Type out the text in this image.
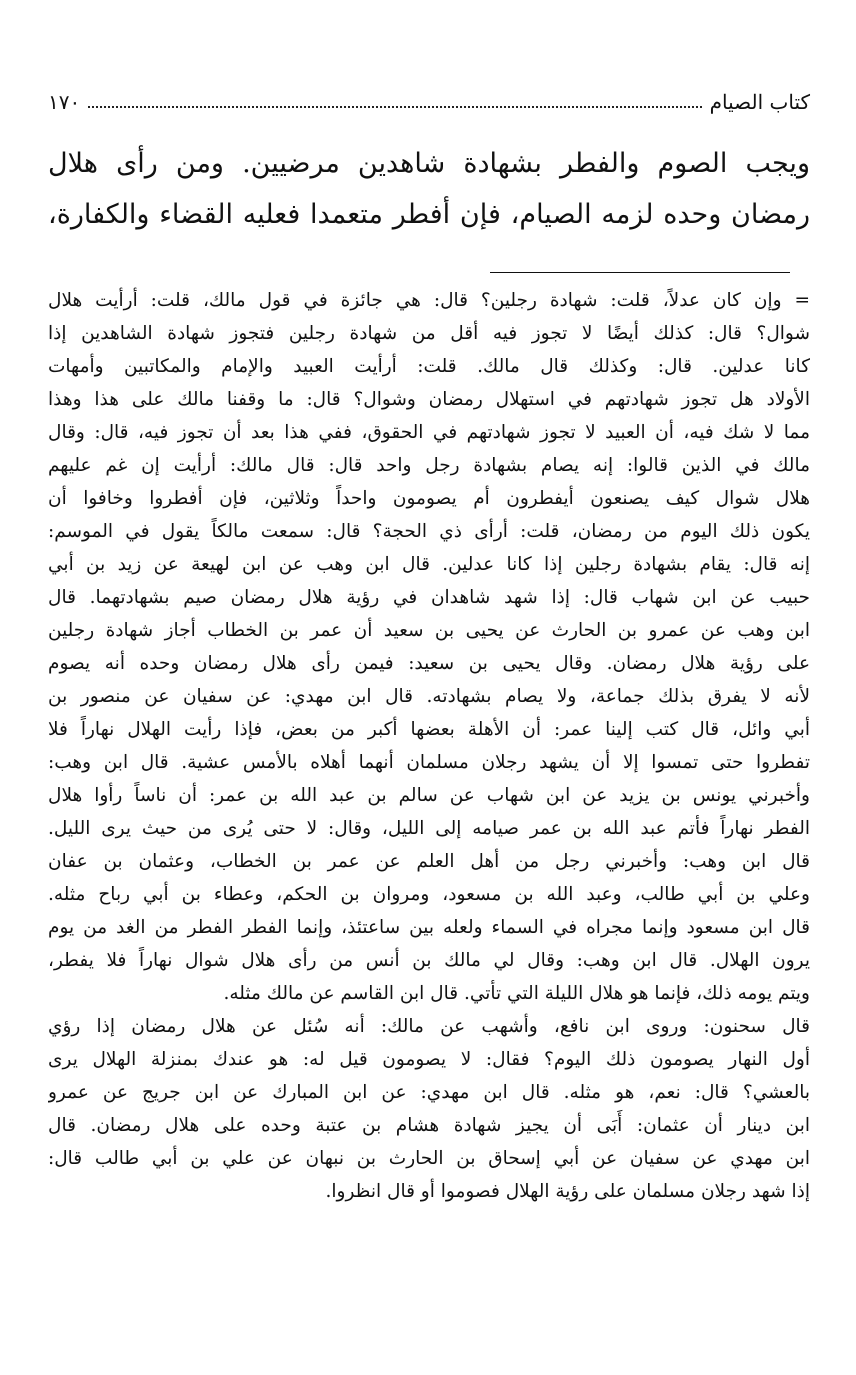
كتاب الصيام
١٧٠

ويجب الصوم والفطر بشهادة شاهدين مرضيين. ومن رأى هلال

رمضان وحده لزمه الصيام، فإن أفطر متعمدا فعليه القضاء والكفارة،

= وإن كان عدلاً، قلت: شهادة رجلين؟ قال: هي جائزة في قول مالك، قلت: أرأيت هلال

شوال؟ قال: كذلك أيضًا لا تجوز فيه أقل من شهادة رجلين فتجوز شهادة الشاهدين إذا

كانا عدلين. قال: وكذلك قال مالك. قلت: أرأيت العبيد والإمام والمكاتبين وأمهات

الأولاد هل تجوز شهادتهم في استهلال رمضان وشوال؟ قال: ما وقفنا مالك على هذا وهذا

مما لا شك فيه، أن العبيد لا تجوز شهادتهم في الحقوق، ففي هذا بعد أن تجوز فيه، قال: وقال

مالك في الذين قالوا: إنه يصام بشهادة رجل واحد قال: قال مالك: أرأيت إن غم عليهم

هلال شوال كيف يصنعون أيفطرون أم يصومون واحداً وثلاثين، فإن أفطروا وخافوا أن

يكون ذلك اليوم من رمضان، قلت: أرأى ذي الحجة؟ قال: سمعت مالكاً يقول في الموسم:

إنه قال: يقام بشهادة رجلين إذا كانا عدلين. قال ابن وهب عن ابن لهيعة عن زيد بن أبي

حبيب عن ابن شهاب قال: إذا شهد شاهدان في رؤية هلال رمضان صيم بشهادتهما. قال

ابن وهب عن عمرو بن الحارث عن يحيى بن سعيد أن عمر بن الخطاب أجاز شهادة رجلين

على رؤية هلال رمضان. وقال يحيى بن سعيد: فيمن رأى هلال رمضان وحده أنه يصوم

لأنه لا يفرق بذلك جماعة، ولا يصام بشهادته. قال ابن مهدي: عن سفيان عن منصور بن

أبي وائل، قال كتب إلينا عمر: أن الأهلة بعضها أكبر من بعض، فإذا رأيت الهلال نهاراً فلا

تفطروا حتى تمسوا إلا أن يشهد رجلان مسلمان أنهما أهلاه بالأمس عشية. قال ابن وهب:

وأخبرني يونس بن يزيد عن ابن شهاب عن سالم بن عبد الله بن عمر: أن ناساً رأوا هلال

الفطر نهاراً فأتم عبد الله بن عمر صيامه إلى الليل، وقال: لا حتى يُرى من حيث يرى الليل.

قال ابن وهب: وأخبرني رجل من أهل العلم عن عمر بن الخطاب، وعثمان بن عفان

وعلي بن أبي طالب، وعبد الله بن مسعود، ومروان بن الحكم، وعطاء بن أبي رباح مثله.

قال ابن مسعود وإنما مجراه في السماء ولعله بين ساعتئذ، وإنما الفطر الفطر من الغد من يوم

يرون الهلال. قال ابن وهب: وقال لي مالك بن أنس من رأى هلال شوال نهاراً فلا يفطر،

ويتم يومه ذلك، فإنما هو هلال الليلة التي تأتي. قال ابن القاسم عن مالك مثله.

قال سحنون: وروى ابن نافع، وأشهب عن مالك: أنه سُئل عن هلال رمضان إذا رؤي

أول النهار يصومون ذلك اليوم؟ فقال: لا يصومون قيل له: هو عندك بمنزلة الهلال يرى

بالعشي؟ قال: نعم، هو مثله. قال ابن مهدي: عن ابن المبارك عن ابن جريج عن عمرو

ابن دينار أن عثمان: أَبَى أن يجيز شهادة هشام بن عتبة وحده على هلال رمضان. قال

ابن مهدي عن سفيان عن أبي إسحاق بن الحارث بن نبهان عن علي بن أبي طالب قال:

إذا شهد رجلان مسلمان على رؤية الهلال فصوموا أو قال انظروا.
